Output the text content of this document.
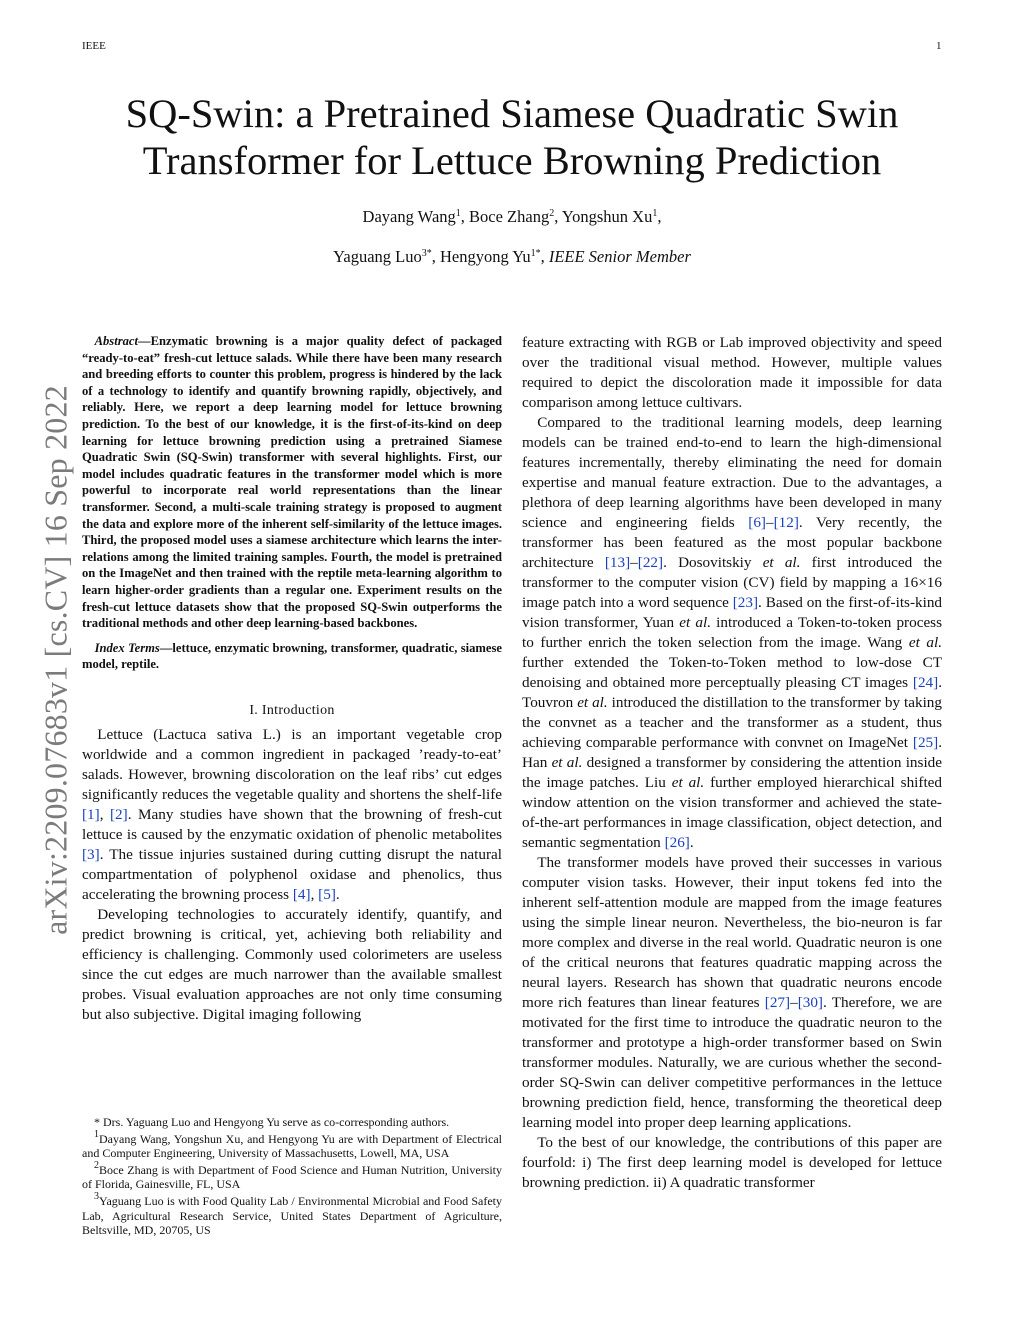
IEEE	1
SQ-Swin: a Pretrained Siamese Quadratic Swin Transformer for Lettuce Browning Prediction
Dayang Wang$^1$, Boce Zhang$^2$, Yongshun Xu$^1$,
Yaguang Luo$^{3*}$, Hengyong $Yu^{1*}$, IEEE Senior Member
arXiv:2209.07683v1 [cs.CV] 16 Sep 2022

Abstract—Enzymatic browning is a major quality defect of packaged “ready-to-eat” fresh-cut lettuce salads. While there have been many research and breeding efforts to counter this problem, progress is hindered by the lack of a technology to identify and quantify browning rapidly, objectively, and reliably. Here, we report a deep learning model for lettuce browning prediction. To the best of our knowledge, it is the first-of-its-kind on deep learning for lettuce browning prediction using a pretrained Siamese Quadratic Swin (SQ-Swin) transformer with several highlights. First, our model includes quadratic features in the transformer model which is more powerful to incorporate real world representations than the linear transformer. Second, a multi-scale training strategy is proposed to augment the data and explore more of the inherent self-similarity of the lettuce images. Third, the proposed model uses a siamese architecture which learns the inter-relations among the limited training samples. Fourth, the model is pretrained on the ImageNet and then trained with the reptile meta-learning algorithm to learn higher-order gradients than a regular one. Experiment results on the fresh-cut lettuce datasets show that the proposed SQ-Swin outperforms the traditional methods and other deep learning-based backbones.

Index Terms—lettuce, enzymatic browning, transformer, quadratic, siamese model, reptile.

I. Introduction

Lettuce (Lactuca sativa L.) is an important vegetable crop worldwide and a common ingredient in packaged ’ready-to-eat’ salads. However, browning discoloration on the leaf ribs’ cut edges significantly reduces the vegetable quality and shortens the shelf-life [1], [2]. Many studies have shown that the browning of fresh-cut lettuce is caused by the enzymatic oxidation of phenolic metabolites [3]. The tissue injuries sustained during cutting disrupt the natural compartmentation of polyphenol oxidase and phenolics, thus accelerating the browning process [4], [5].

Developing technologies to accurately identify, quantify, and predict browning is critical, yet, achieving both reliability and efficiency is challenging. Commonly used colorimeters are useless since the cut edges are much narrower than the available smallest probes. Visual evaluation approaches are not only time consuming but also subjective. Digital imaging following

feature extracting with RGB or Lab improved objectivity and speed over the traditional visual method. However, multiple values required to depict the discoloration made it impossible for data comparison among lettuce cultivars.

Compared to the traditional learning models, deep learning models can be trained end-to-end to learn the high-dimensional features incrementally, thereby eliminating the need for domain expertise and manual feature extraction. Due to the advantages, a plethora of deep learning algorithms have been developed in many science and engineering fields [6]–[12]. Very recently, the transformer has been featured as the most popular backbone architecture [13]–[22]. Dosovitskiy et al. first introduced the transformer to the computer vision (CV) field by mapping a 16×16 image patch into a word sequence [23]. Based on the first-of-its-kind vision transformer, Yuan et al. introduced a Token-to-token process to further enrich the token selection from the image. Wang et al. further extended the Token-to-Token method to low-dose CT denoising and obtained more perceptually pleasing CT images [24]. Touvron et al. introduced the distillation to the transformer by taking the convnet as a teacher and the transformer as a student, thus achieving comparable performance with convnet on ImageNet [25]. Han et al. designed a transformer by considering the attention inside the image patches. Liu et al. further employed hierarchical shifted window attention on the vision transformer and achieved the state-of-the-art performances in image classification, object detection, and semantic segmentation [26].

The transformer models have proved their successes in various computer vision tasks. However, their input tokens fed into the inherent self-attention module are mapped from the image features using the simple linear neuron. Nevertheless, the bio-neuron is far more complex and diverse in the real world. Quadratic neuron is one of the critical neurons that features quadratic mapping across the neural layers. Research has shown that quadratic neurons encode more rich features than linear features [27]–[30]. Therefore, we are motivated for the first time to introduce the quadratic neuron to the transformer and prototype a high-order transformer based on Swin transformer modules. Naturally, we are curious whether the second-order SQ-Swin can deliver competitive performances in the lettuce browning prediction field, hence, transforming the theoretical deep learning model into proper deep learning applications.

To the best of our knowledge, the contributions of this paper are fourfold: i) The first deep learning model is developed for lettuce browning prediction. ii) A quadratic transformer

* Drs. Yaguang Luo and Hengyong Yu serve as co-corresponding authors.

$^1$Dayang Wang, Yongshun Xu, and Hengyong Yu are with Department of Electrical and Computer Engineering, University of Massachusetts, Lowell, MA, USA

$^2$Boce Zhang is with Department of Food Science and Human Nutrition, University of Florida, Gainesville, FL, USA

$^3$Yaguang Luo is with Food Quality Lab / Environmental Microbial and Food Safety Lab, Agricultural Research Service, United States Department of Agriculture, Beltsville, MD, 20705, US
